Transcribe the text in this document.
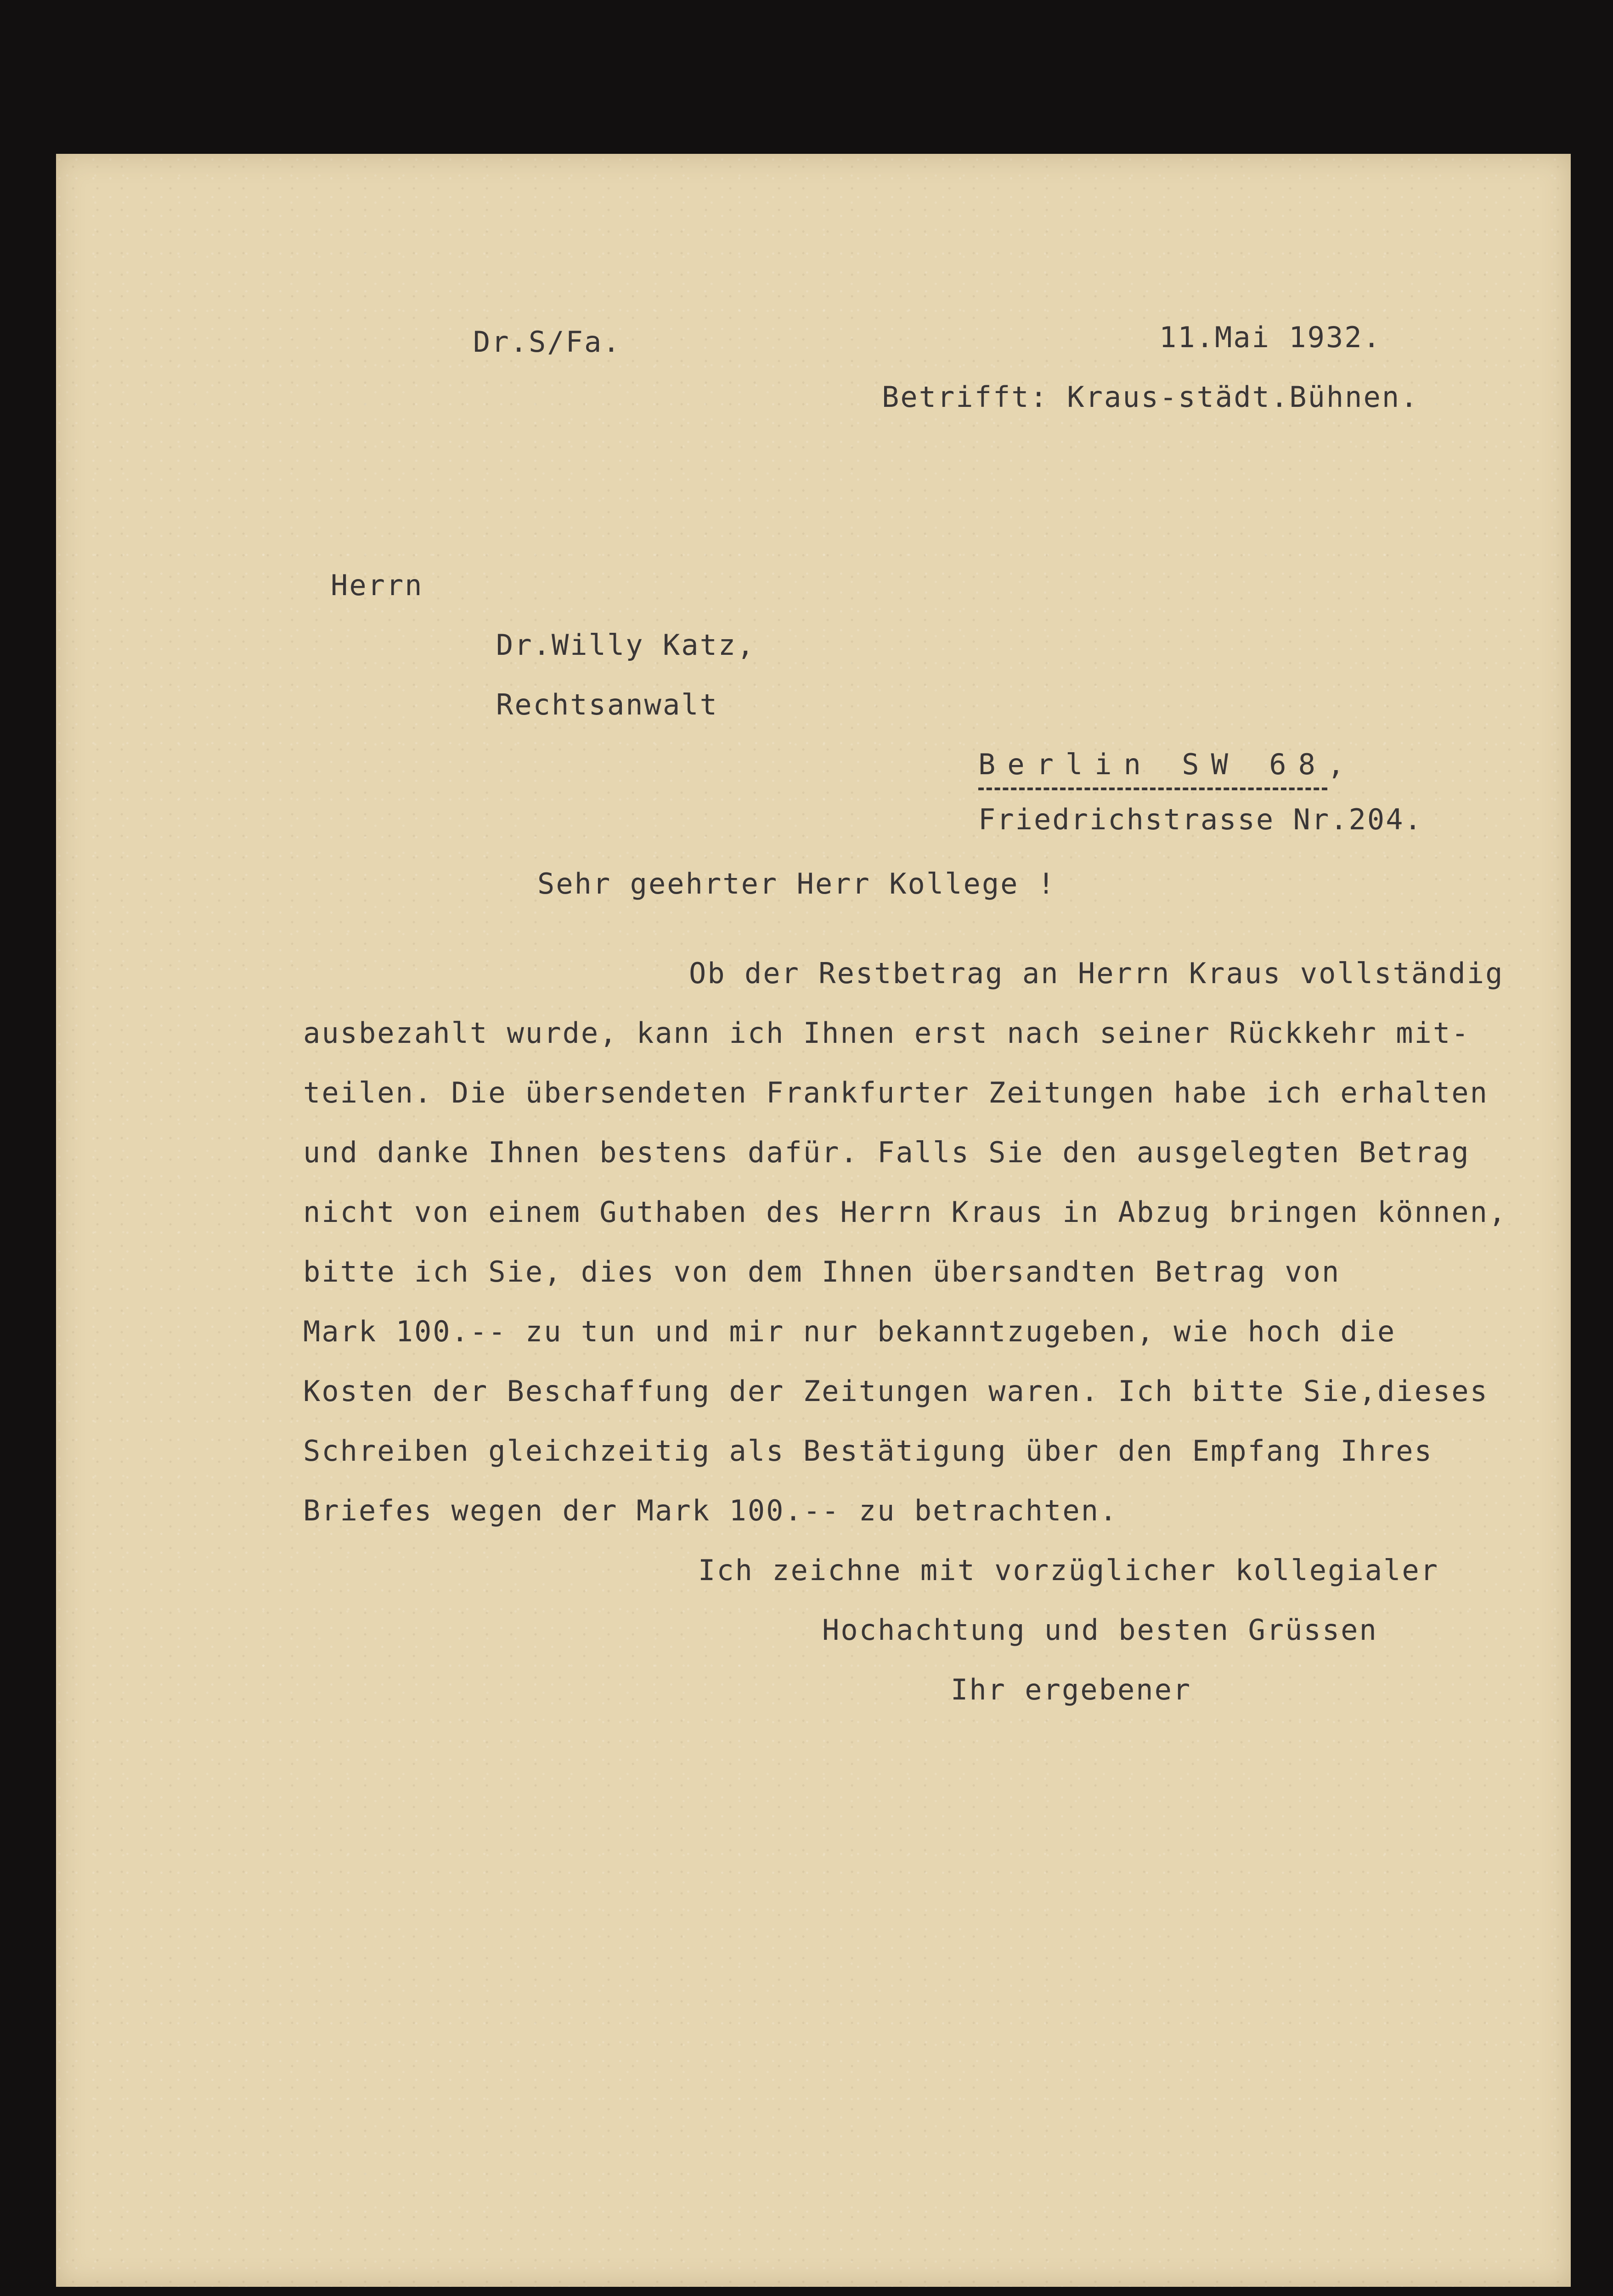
Dr.S/Fa.	11.Mai 1932.
Betrifft: Kraus-städt.Bühnen.
Herrn
Dr.Willy Katz,
Rechtsanwalt
Berlin SW 68,
Friedrichstrasse Nr.204.
Sehr geehrter Herr Kollege !
Ob der Restbetrag an Herrn Kraus vollständig
ausbezahlt wurde, kann ich Ihnen erst nach seiner Rückkehr mit-
teilen. Die übersendeten Frankfurter Zeitungen habe ich erhalten
und danke Ihnen bestens dafür. Falls Sie den ausgelegten Betrag
nicht von einem Guthaben des Herrn Kraus in Abzug bringen können,
bitte ich Sie, dies von dem Ihnen übersandten Betrag von
Mark 100.-- zu tun und mir nur bekanntzugeben, wie hoch die
Kosten der Beschaffung der Zeitungen waren. Ich bitte Sie,dieses
Schreiben gleichzeitig als Bestätigung über den Empfang Ihres
Briefes wegen der Mark 100.-- zu betrachten.
Ich zeichne mit vorzüglicher kollegialer
Hochachtung und besten Grüssen
Ihr ergebener
